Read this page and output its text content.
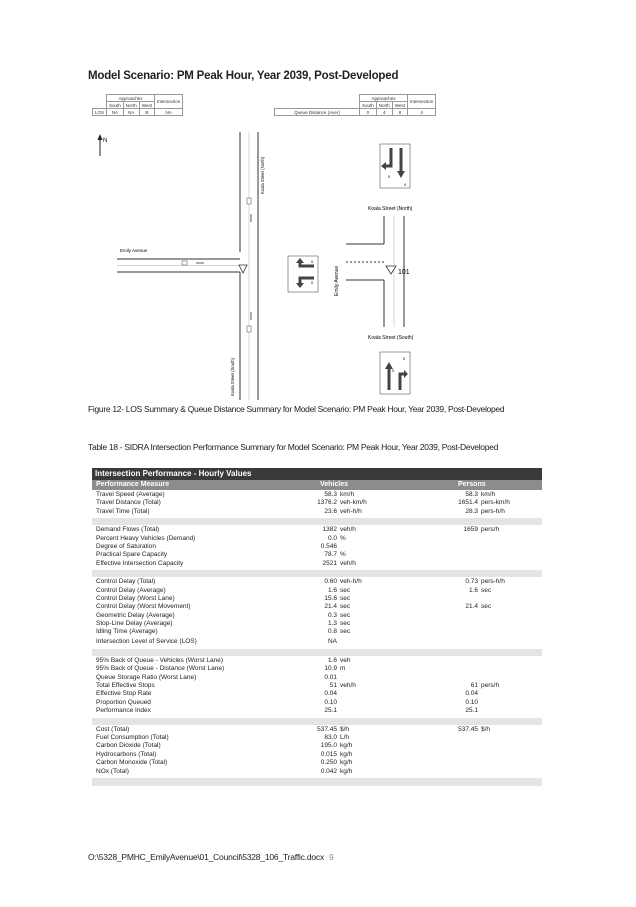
Model Scenario: PM Peak Hour, Year 2039, Post-Developed
	Approaches			Intersection
	South	North	West	
LOS	NA	NA	B	NA
	Approaches			Intersection
	South	North	West	
Queue Distance (Aver)	0	4	8	4
N
Emily Avenue
Koala Street (North)
Koala Street (South)
101
Koala Street (North)
Koala Street (South)
Emily Avenue
0
4
0
0
0
0
Figure 12- LOS Summary & Queue Distance Summary for Model Scenario: PM Peak Hour, Year 2039, Post-Developed
Table 18 - SIDRA Intersection Performance Summary for Model Scenario: PM Peak Hour, Year 2039, Post-Developed
Intersection Performance - Hourly Values
Performance Measure	Vehicles	Persons
Travel Speed (Average)	58.3 km/h	58.3 km/h
Travel Distance (Total)	1376.2 veh-km/h	1651.4 pers-km/h
Travel Time (Total)	23.6 veh-h/h	28.3 pers-h/h
Demand Flows (Total)	1382 veh/h	1659 pers/h
Percent Heavy Vehicles (Demand)	0.0 %
Degree of Saturation	0.546
Practical Spare Capacity	78.7 %
Effective Intersection Capacity	2521 veh/h
Control Delay (Total)	0.60 veh-h/h	0.73 pers-h/h
Control Delay (Average)	1.6 sec	1.6 sec
Control Delay (Worst Lane)	15.6 sec
Control Delay (Worst Movement)	21.4 sec	21.4 sec
Geometric Delay (Average)	0.3 sec
Stop-Line Delay (Average)	1.3 sec
Idling Time (Average)	0.8 sec
Intersection Level of Service (LOS)	NA
95% Back of Queue - Vehicles (Worst Lane)	1.6 veh
95% Back of Queue - Distance (Worst Lane)	10.9 m
Queue Storage Ratio (Worst Lane)	0.01
Total Effective Stops	51 veh/h	61 pers/h
Effective Stop Rate	0.04	0.04
Proportion Queued	0.10	0.10
Performance Index	25.1	25.1
Cost (Total)	537.45 $/h	537.45 $/h
Fuel Consumption (Total)	83.0 L/h
Carbon Dioxide (Total)	195.0 kg/h
Hydrocarbons (Total)	0.015 kg/h
Carbon Monoxide (Total)	0.250 kg/h
NOx (Total)	0.042 kg/h
O:\5328_PMHC_EmilyAvenue\01_Council\5328_106_Traffic.docx 9
